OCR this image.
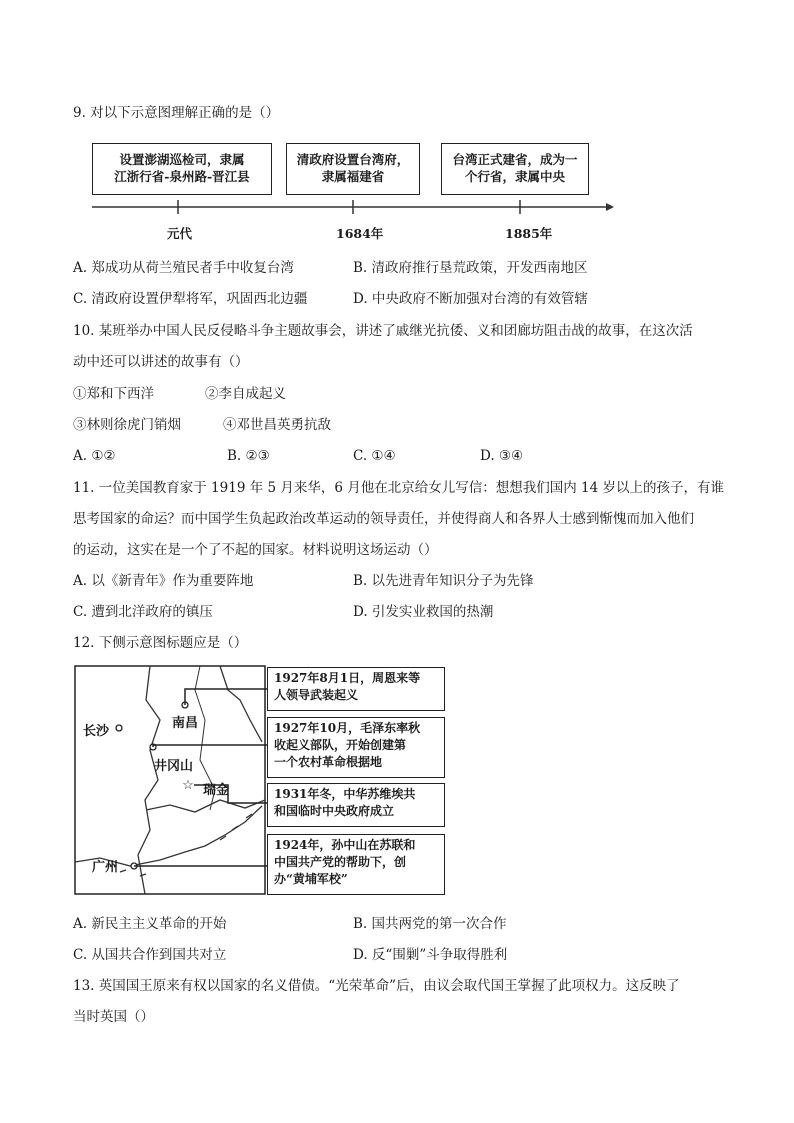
9. 对以下示意图理解正确的是（）
设置澎湖巡检司，隶属
江浙行省-泉州路-晋江县
清政府设置台湾府，
隶属福建省
台湾正式建省，成为一
个行省，隶属中央
元代	1684年	1885年
A. 郑成功从荷兰殖民者手中收复台湾	B. 清政府推行垦荒政策，开发西南地区
C. 清政府设置伊犁将军，巩固西北边疆	D. 中央政府不断加强对台湾的有效管辖
10. 某班举办中国人民反侵略斗争主题故事会，讲述了戚继光抗倭、义和团廊坊阻击战的故事，在这次活
动中还可以讲述的故事有（）
①郑和下西洋	②李自成起义
③林则徐虎门销烟	④邓世昌英勇抗敌
A. ①②	B. ②③	C. ①④	D. ③④
11. 一位美国教育家于 1919 年 5 月来华，6 月他在北京给女儿写信：想想我们国内 14 岁以上的孩子，有谁
思考国家的命运？而中国学生负起政治改革运动的领导责任，并使得商人和各界人士感到惭愧而加入他们
的运动，这实在是一个了不起的国家。材料说明这场运动（）
A. 以《新青年》作为重要阵地	B. 以先进青年知识分子为先锋
C. 遭到北洋政府的镇压	D. 引发实业救国的热潮
12. 下侧示意图标题应是（）
☆
长沙
南昌
井冈山
瑞金
广州
1927年8月1日，周恩来等
人领导武装起义
1927年10月，毛泽东率秋
收起义部队，开始创建第
一个农村革命根据地
1931年冬，中华苏维埃共
和国临时中央政府成立
1924年，孙中山在苏联和
中国共产党的帮助下，创
办“黄埔军校”
A. 新民主主义革命的开始	B. 国共两党的第一次合作
C. 从国共合作到国共对立	D. 反“围剿”斗争取得胜利
13. 英国国王原来有权以国家的名义借债。“光荣革命”后，由议会取代国王掌握了此项权力。这反映了
当时英国（）
